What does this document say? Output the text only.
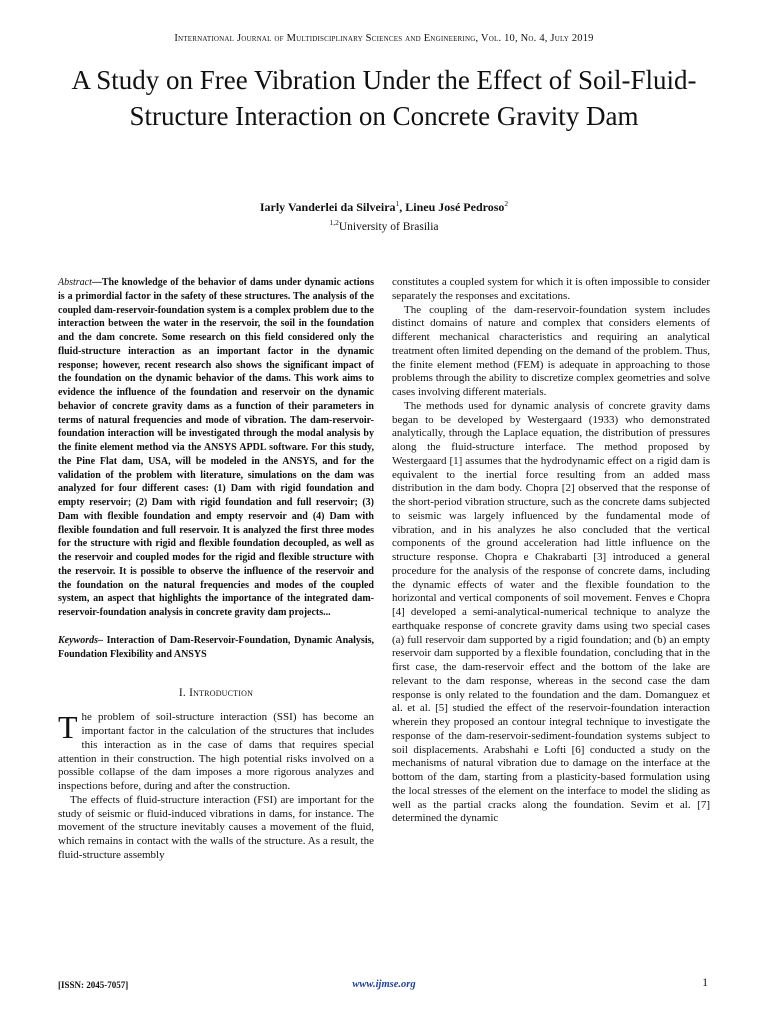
International Journal of Multidisciplinary Sciences and Engineering, Vol. 10, No. 4, July 2019
A Study on Free Vibration Under the Effect of Soil-Fluid-Structure Interaction on Concrete Gravity Dam
Iarly Vanderlei da Silveira$^1$, Lineu José Pedroso$^2$
$^{1,2}$University of Brasilia

Abstract—The knowledge of the behavior of dams under dynamic actions is a primordial factor in the safety of these structures. The analysis of the coupled dam-reservoir-foundation system is a complex problem due to the interaction between the water in the reservoir, the soil in the foundation and the dam concrete. Some research on this field considered only the fluid-structure interaction as an important factor in the dynamic response; however, recent research also shows the significant impact of the foundation on the dynamic behavior of the dams. This work aims to evidence the influence of the foundation and reservoir on the dynamic behavior of concrete gravity dams as a function of their parameters in terms of natural frequencies and mode of vibration. The dam-reservoir-foundation interaction will be investigated through the modal analysis by the finite element method via the ANSYS APDL software. For this study, the Pine Flat dam, USA, will be modeled in the ANSYS, and for the validation of the problem with literature, simulations on the dam was analyzed for four different cases: (1) Dam with rigid foundation and empty reservoir; (2) Dam with rigid foundation and full reservoir; (3) Dam with flexible foundation and empty reservoir and (4) Dam with flexible foundation and full reservoir. It is analyzed the first three modes for the structure with rigid and flexible foundation decoupled, as well as the reservoir and coupled modes for the rigid and flexible structure with the reservoir. It is possible to observe the influence of the reservoir and the foundation on the natural frequencies and modes of the coupled system, an aspect that highlights the importance of the integrated dam-reservoir-foundation analysis in concrete gravity dam projects...

Keywords– Interaction of Dam-Reservoir-Foundation, Dynamic Analysis, Foundation Flexibility and ANSYS

I. Introduction

The problem of soil-structure interaction (SSI) has become an important factor in the calculation of the structures that includes this interaction as in the case of dams that requires special attention in their construction. The high potential risks involved on a possible collapse of the dam imposes a more rigorous analyzes and inspections before, during and after the construction.

The effects of fluid-structure interaction (FSI) are important for the study of seismic or fluid-induced vibrations in dams, for instance. The movement of the structure inevitably causes a movement of the fluid, which remains in contact with the walls of the structure. As a result, the fluid-structure assembly

constitutes a coupled system for which it is often impossible to consider separately the responses and excitations.

The coupling of the dam-reservoir-foundation system includes distinct domains of nature and complex that considers elements of different mechanical characteristics and requiring an analytical treatment often limited depending on the demand of the problem. Thus, the finite element method (FEM) is adequate in approaching to those problems through the ability to discretize complex geometries and solve cases involving different materials.

The methods used for dynamic analysis of concrete gravity dams began to be developed by Westergaard (1933) who demonstrated analytically, through the Laplace equation, the distribution of pressures along the fluid-structure interface. The method proposed by Westergaard [1] assumes that the hydrodynamic effect on a rigid dam is equivalent to the inertial force resulting from an added mass distribution in the dam body. Chopra [2] observed that the response of the short-period vibration structure, such as the concrete dams subjected to seismic was largely influenced by the fundamental mode of vibration, and in his analyzes he also concluded that the vertical components of the ground acceleration had little influence on the structure response. Chopra e Chakrabarti [3] introduced a general procedure for the analysis of the response of concrete dams, including the dynamic effects of water and the flexible foundation to the horizontal and vertical components of soil movement. Fenves e Chopra [4] developed a semi-analytical-numerical technique to analyze the earthquake response of concrete gravity dams using two special cases (a) full reservoir dam supported by a rigid foundation; and (b) an empty reservoir dam supported by a flexible foundation, concluding that in the first case, the dam-reservoir effect and the bottom of the lake are relevant to the dam response, whereas in the second case the dam response is only related to the foundation and the dam. Domanguez et al. et al. [5] studied the effect of the reservoir-foundation interaction wherein they proposed an contour integral technique to investigate the response of the dam-reservoir-sediment-foundation systems subject to soil displacements. Arabshahi e Lofti [6] conducted a study on the mechanisms of natural vibration due to damage on the interface at the bottom of the dam, starting from a plasticity-based formulation using the local stresses of the element on the interface to model the sliding as well as the partial cracks along the foundation. Sevim et al. [7] determined the dynamic

[ISSN: 2045-7057]	www.ijmse.org	1
